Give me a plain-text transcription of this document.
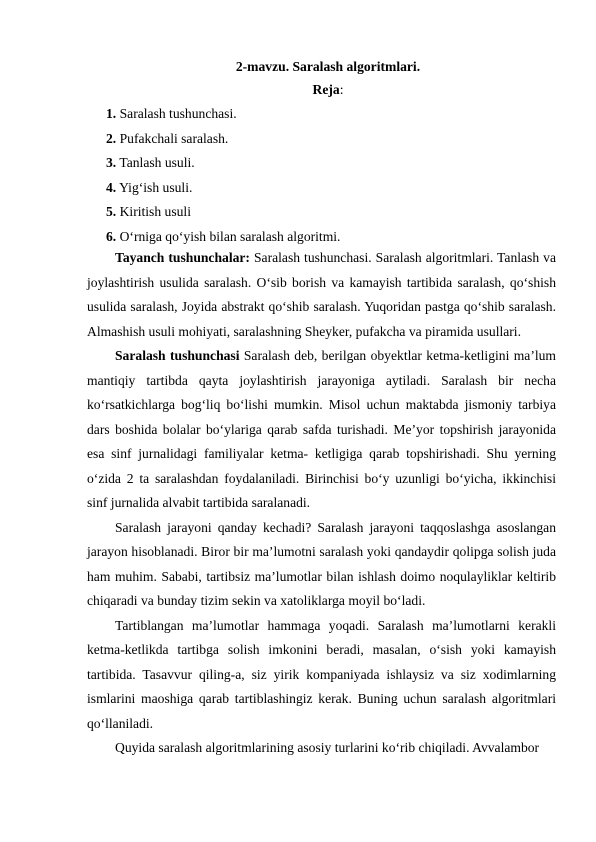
2-mavzu. Saralash algoritmlari.
Reja:
1. Saralash tushunchasi.
2. Pufakchali saralash.
3. Tanlash usuli.
4. Yig‘ish usuli.
5. Kiritish usuli
6. O‘rniga qo‘yish bilan saralash algoritmi.

Tayanch tushunchalar: Saralash tushunchasi. Saralash algoritmlari. Tanlash va joylashtirish usulida saralash. O‘sib borish va kamayish tartibida saralash, qo‘shish usulida saralash, Joyida abstrakt qo‘shib saralash. Yuqoridan pastga qo‘shib saralash. Almashish usuli mohiyati, saralashning Sheyker, pufakcha va piramida usullari.

Saralash tushunchasi Saralash deb, berilgan obyektlar ketma-ketligini ma’lum mantiqiy tartibda qayta joylashtirish jarayoniga aytiladi. Saralash bir necha ko‘rsatkichlarga bog‘liq bo‘lishi mumkin. Misol uchun maktabda jismoniy tarbiya dars boshida bolalar bo‘ylariga qarab safda turishadi. Me’yor topshirish jarayonida esa sinf jurnalidagi familiyalar ketma- ketligiga qarab topshirishadi. Shu yerning o‘zida 2 ta saralashdan foydalaniladi. Birinchisi bo‘y uzunligi bo‘yicha, ikkinchisi sinf jurnalida alvabit tartibida saralanadi.

Saralash jarayoni qanday kechadi? Saralash jarayoni taqqoslashga asoslangan jarayon hisoblanadi. Biror bir ma’lumotni saralash yoki qandaydir qolipga solish juda ham muhim. Sababi, tartibsiz ma’lumotlar bilan ishlash doimo noqulayliklar keltirib chiqaradi va bunday tizim sekin va xatoliklarga moyil bo‘ladi.

Tartiblangan ma’lumotlar hammaga yoqadi. Saralash ma’lumotlarni kerakli ketma-ketlikda tartibga solish imkonini beradi, masalan, o‘sish yoki kamayish tartibida. Tasavvur qiling-a, siz yirik kompaniyada ishlaysiz va siz xodimlarning ismlarini maoshiga qarab tartiblashingiz kerak. Buning uchun saralash algoritmlari qo‘llaniladi.

Quyida saralash algoritmlarining asosiy turlarini ko‘rib chiqiladi. Avvalambor
